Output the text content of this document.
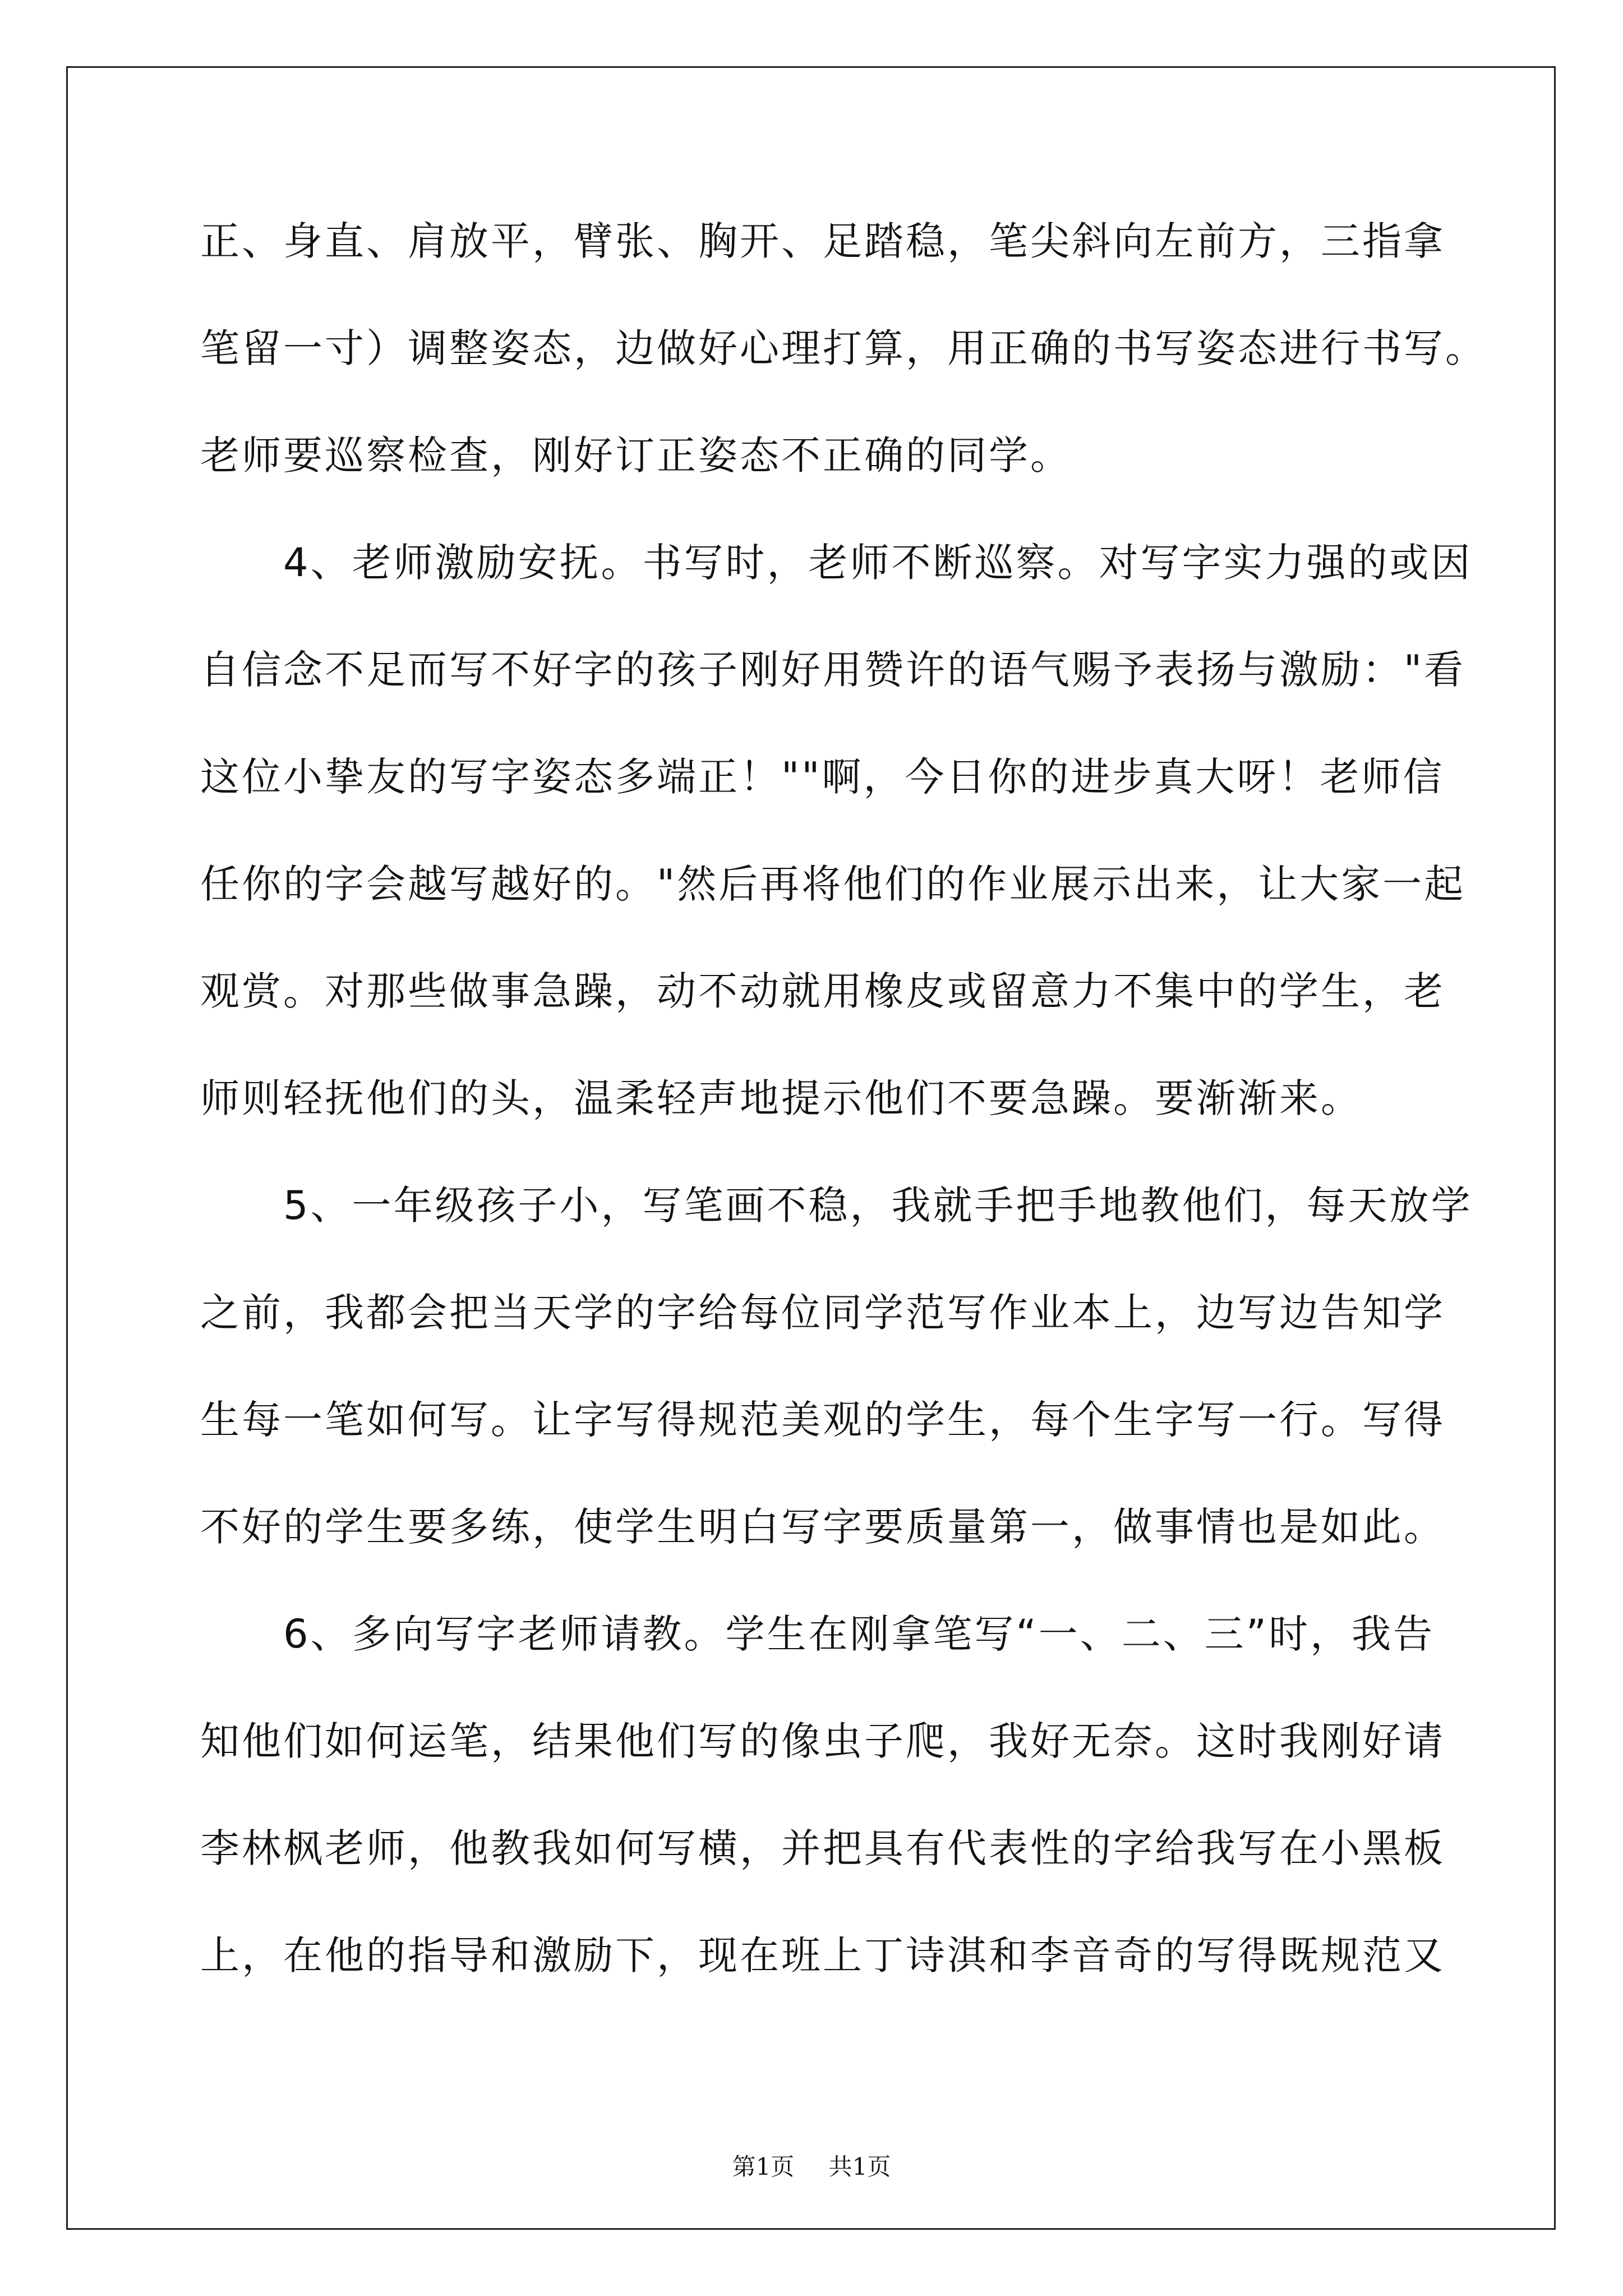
正、身直、肩放平，臂张、胸开、足踏稳，笔尖斜向左前方，三指拿
笔留一寸）调整姿态，边做好心理打算，用正确的书写姿态进行书写。
老师要巡察检查，刚好订正姿态不正确的同学。
　　4、老师激励安抚。书写时，老师不断巡察。对写字实力强的或因
自信念不足而写不好字的孩子刚好用赞许的语气赐予表扬与激励："看
这位小挚友的写字姿态多端正！""啊，今日你的进步真大呀！老师信
任你的字会越写越好的。"然后再将他们的作业展示出来，让大家一起
观赏。对那些做事急躁，动不动就用橡皮或留意力不集中的学生，老
师则轻抚他们的头，温柔轻声地提示他们不要急躁。要渐渐来。
　　5、一年级孩子小，写笔画不稳，我就手把手地教他们，每天放学
之前，我都会把当天学的字给每位同学范写作业本上，边写边告知学
生每一笔如何写。让字写得规范美观的学生，每个生字写一行。写得
不好的学生要多练，使学生明白写字要质量第一，做事情也是如此。
　　6、多向写字老师请教。学生在刚拿笔写“一、二、三”时，我告
知他们如何运笔，结果他们写的像虫子爬，我好无奈。这时我刚好请
李林枫老师，他教我如何写横，并把具有代表性的字给我写在小黑板
上，在他的指导和激励下，现在班上丁诗淇和李音奇的写得既规范又
第1页 共1页
